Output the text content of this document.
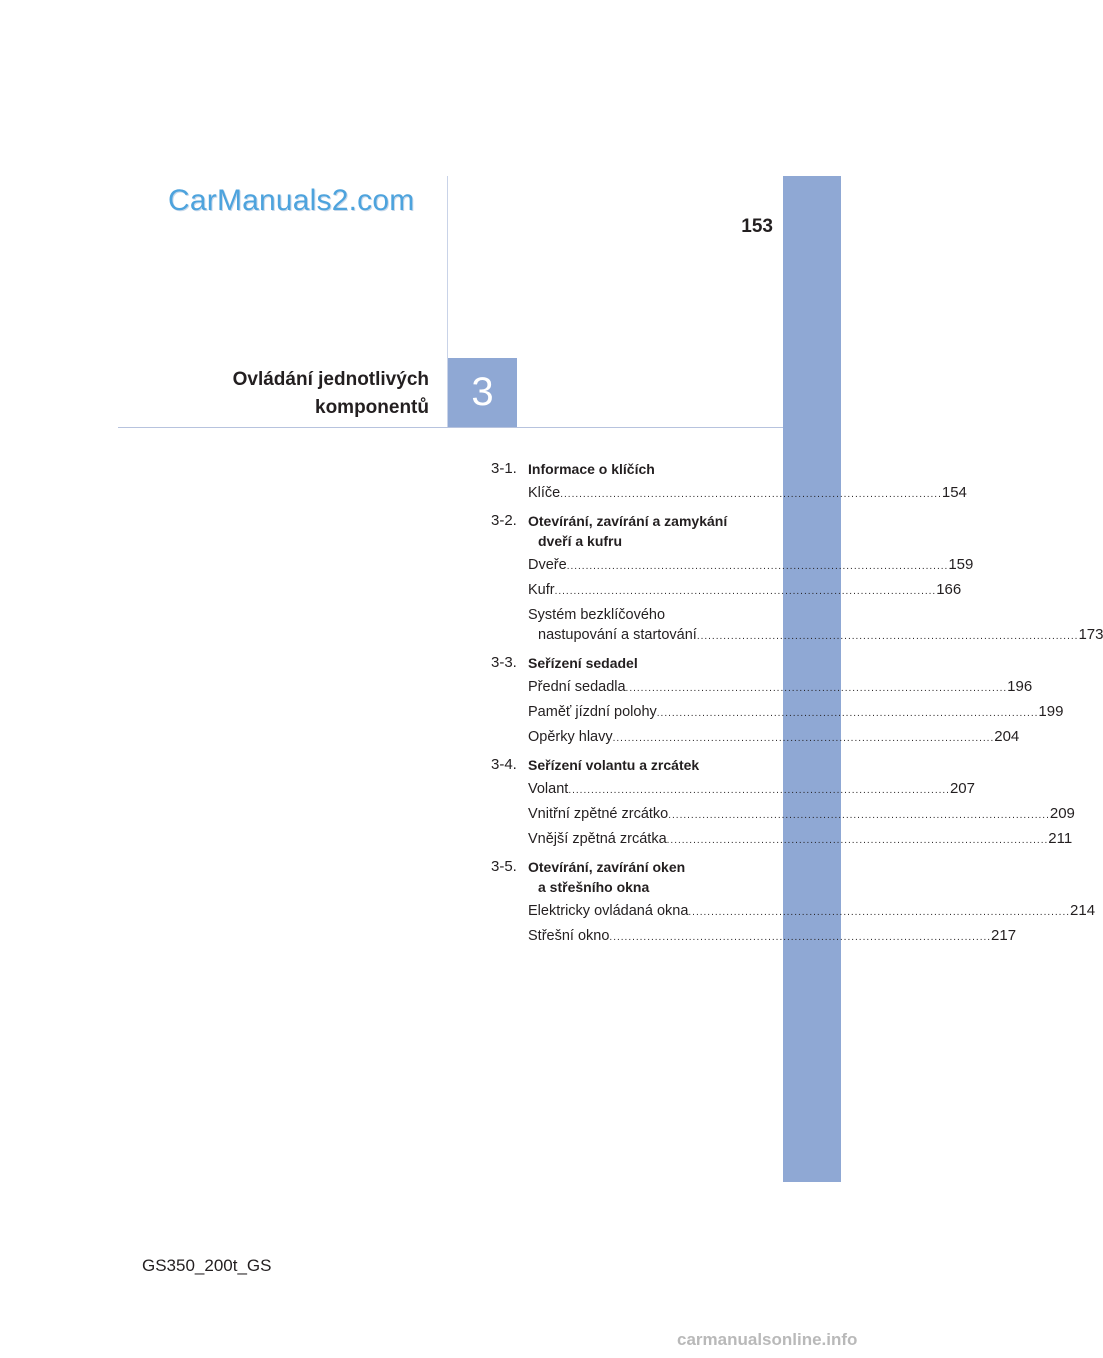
CarManuals2.com
153
Ovládání jednotlivých
komponentů	3
3-1. Informace o klíčích
Klíče ..................................................................................................... 154
3-2. Otevírání, zavírání a zamykání
dveří a kufru
Dveře ..................................................................................................... 159
Kufr ..................................................................................................... 166
Systém bezklíčového
nastupování a startování ..................................................................................................... 173
3-3. Seřízení sedadel
Přední sedadla ..................................................................................................... 196
Paměť jízdní polohy ..................................................................................................... 199
Opěrky hlavy ..................................................................................................... 204
3-4. Seřízení volantu a zrcátek
Volant ..................................................................................................... 207
Vnitřní zpětné zrcátko ..................................................................................................... 209
Vnější zpětná zrcátka ..................................................................................................... 211
3-5. Otevírání, zavírání oken
a střešního okna
Elektricky ovládaná okna ..................................................................................................... 214
Střešní okno ..................................................................................................... 217
GS350_200t_GS
carmanualsonline.info
